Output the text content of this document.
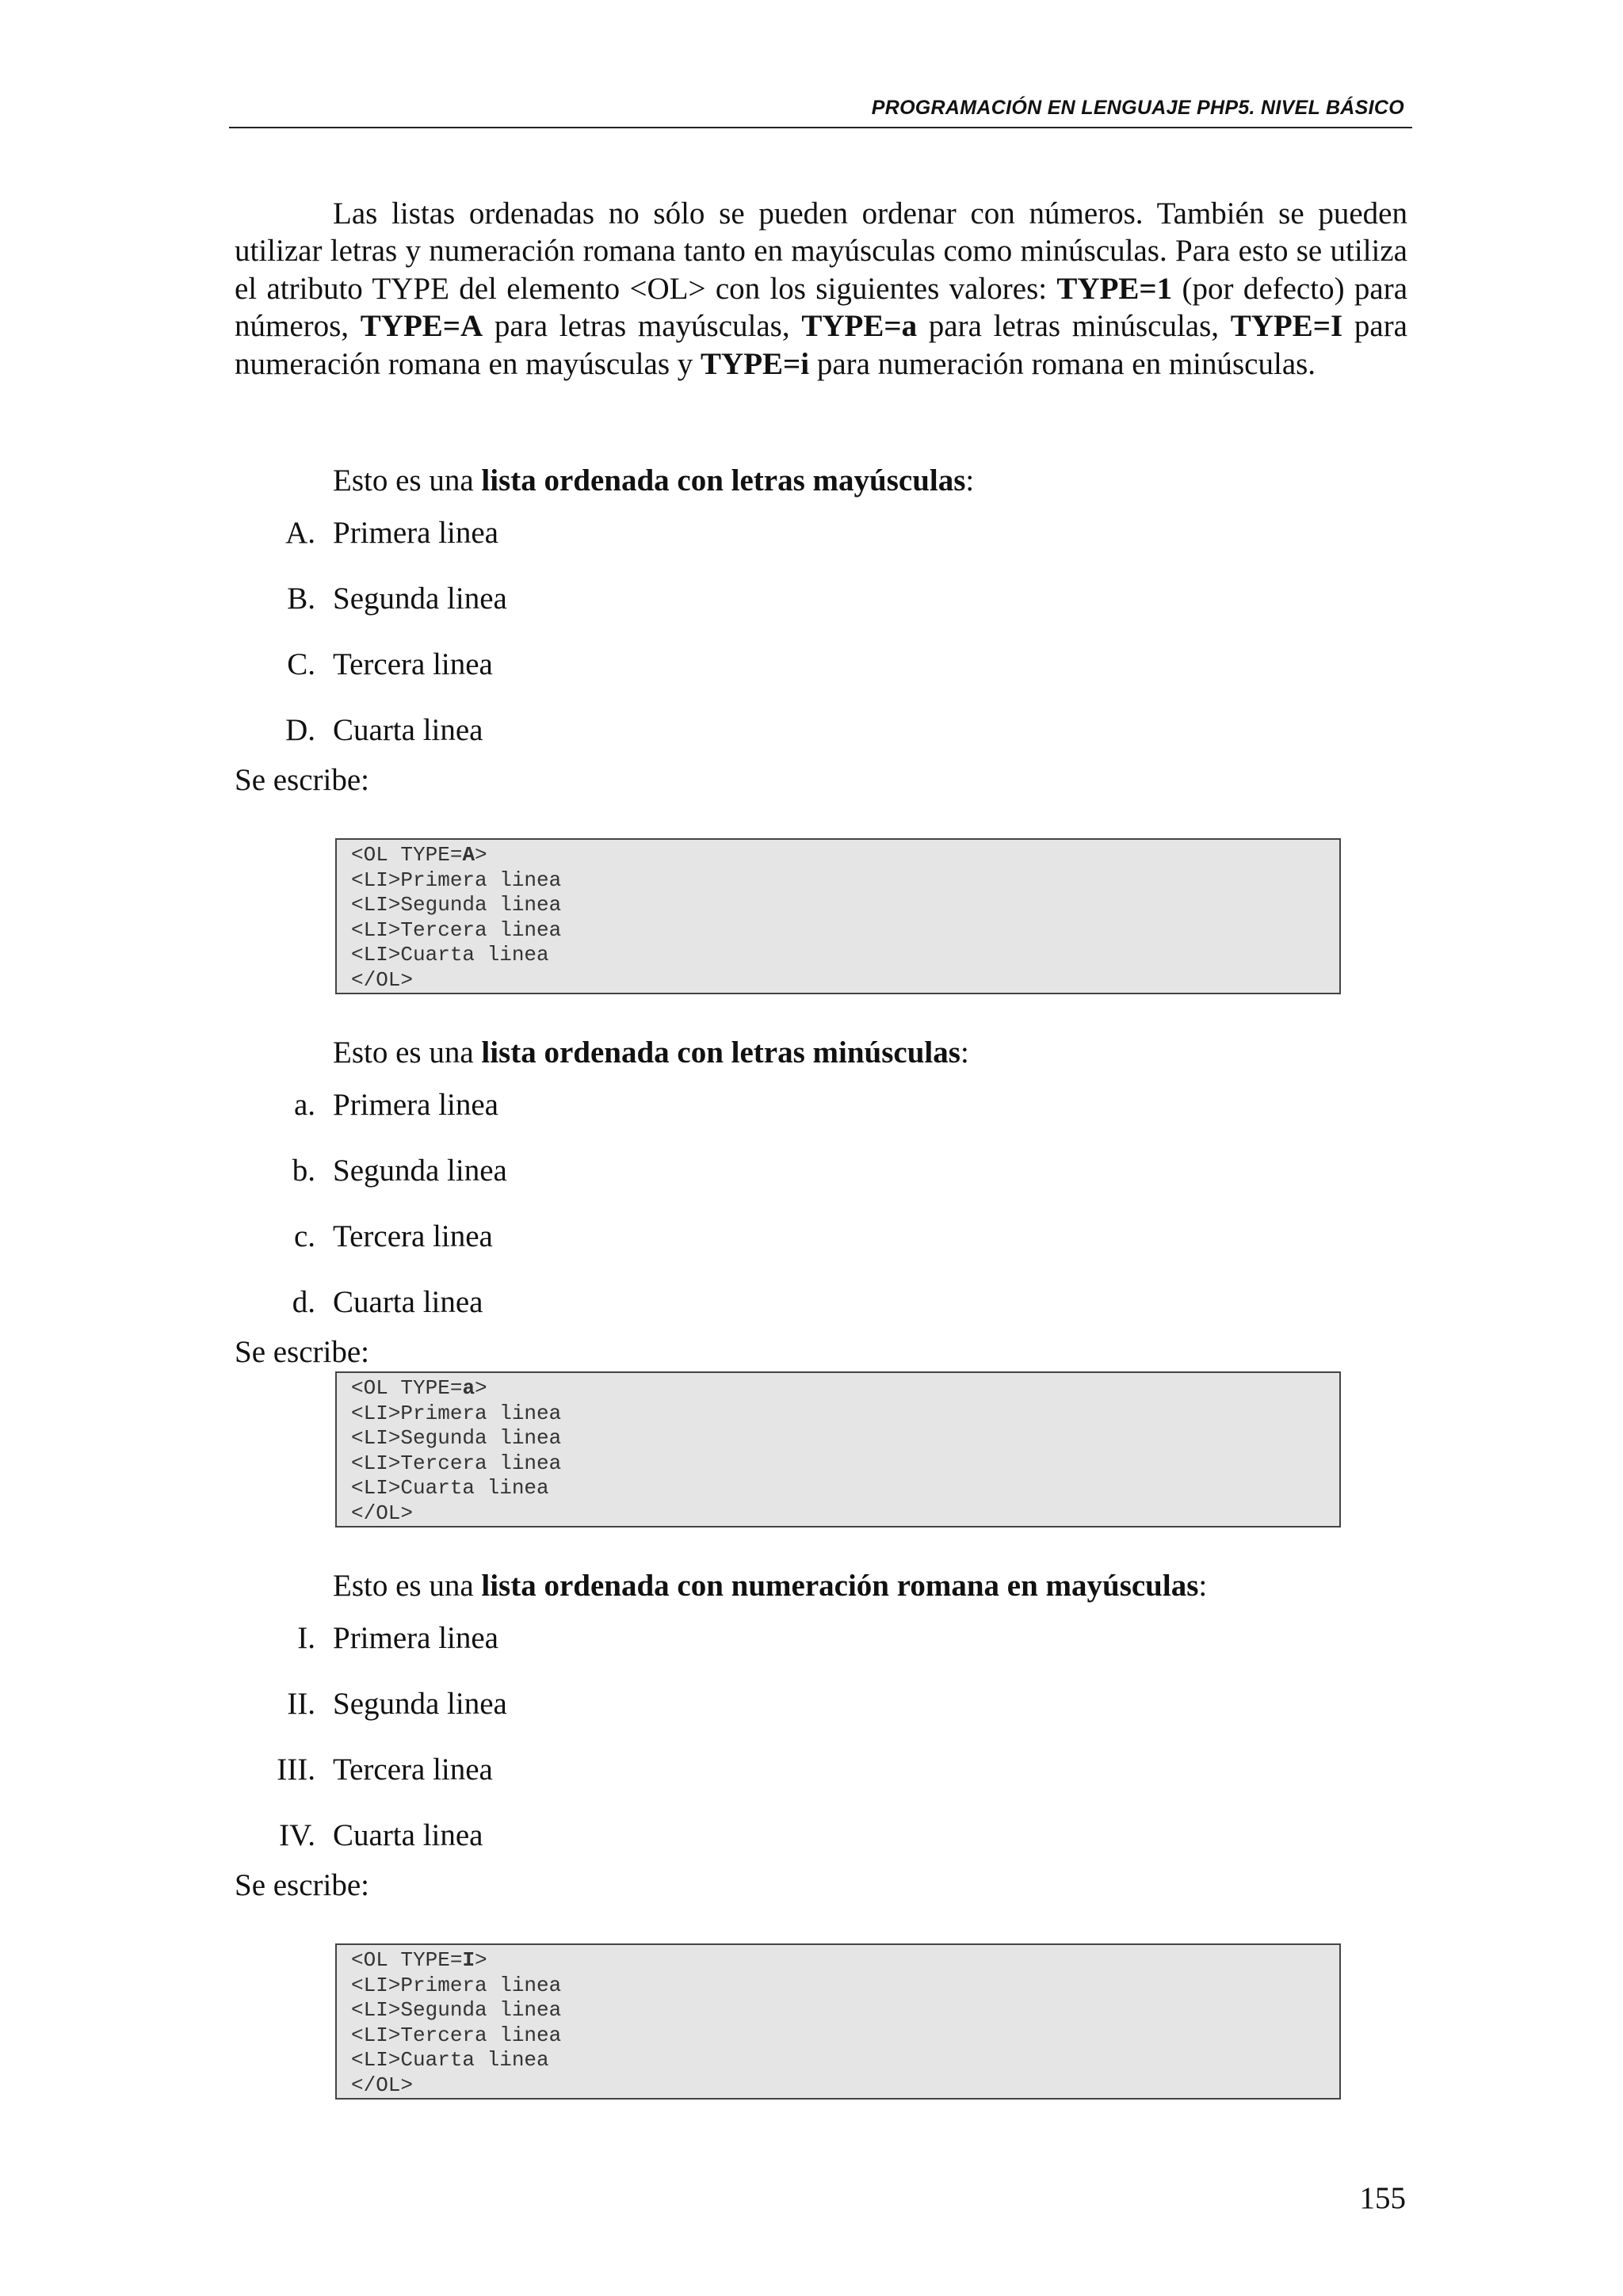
PROGRAMACIÓN EN LENGUAJE PHP5. NIVEL BÁSICO

Las listas ordenadas no sólo se pueden ordenar con números. También se pueden utilizar letras y numeración romana tanto en mayúsculas como minúsculas. Para esto se utiliza el atributo TYPE del elemento <OL> con los siguientes valores: TYPE=1 (por defecto) para números, TYPE=A para letras mayúsculas, TYPE=a para letras minúsculas, TYPE=I para numeración romana en mayúsculas y TYPE=i para numeración romana en minúsculas.

Esto es una lista ordenada con letras mayúsculas:

A. Primera linea
B. Segunda linea
C. Tercera linea
D. Cuarta linea

Se escribe:

<OL TYPE=A>
<LI>Primera linea
<LI>Segunda linea
<LI>Tercera linea
<LI>Cuarta linea
</OL>

Esto es una lista ordenada con letras minúsculas:

a. Primera linea
b. Segunda linea
c. Tercera linea
d. Cuarta linea

Se escribe:

<OL TYPE=a>
<LI>Primera linea
<LI>Segunda linea
<LI>Tercera linea
<LI>Cuarta linea
</OL>

Esto es una lista ordenada con numeración romana en mayúsculas:

I. Primera linea
II. Segunda linea
III. Tercera linea
IV. Cuarta linea

Se escribe:

<OL TYPE=I>
<LI>Primera linea
<LI>Segunda linea
<LI>Tercera linea
<LI>Cuarta linea
</OL>

155
